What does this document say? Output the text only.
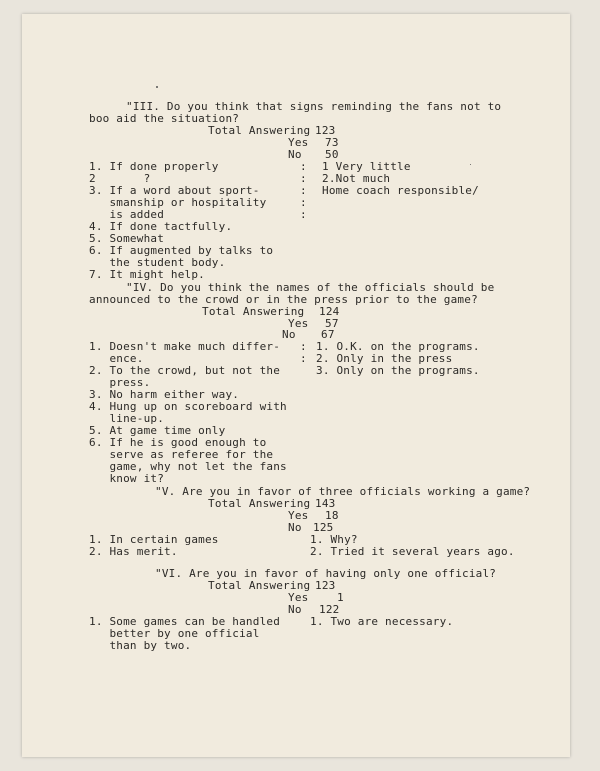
"III. Do you think that signs reminding the fans not to
boo aid the situation?
Total Answering 123
Yes 73
No 50
1. If done properly
2       ?
3. If a word about sport-
smanship or hospitality
is added
4. If done tactfully.
5. Somewhat
6. If augmented by talks to
the student body.
7. It might help.
:
:
:
:
:
1 Very little
2.Not much
Home coach responsible/
"IV. Do you think the names of the officials should be
announced to the crowd or in the press prior to the game?
Total Answering 124
Yes 57
No 67
1. Doesn't make much differ-
ence.
2. To the crowd, but not the
press.
3. No harm either way.
4. Hung up on scoreboard with
line-up.
5. At game time only
6. If he is good enough to
serve as referee for the
game, why not let the fans
know it?
:
:
1. O.K. on the programs.
2. Only in the press
3. Only on the programs.
"V. Are you in favor of three officials working a game?
Total Answering 143
Yes 18
No 125
1. In certain games
2. Has merit.
1. Why?
2. Tried it several years ago.
"VI. Are you in favor of having only one official?
Total Answering 123
Yes	1
No 122
1. Some games can be handled
better by one official
than by two.
1. Two are necessary.
